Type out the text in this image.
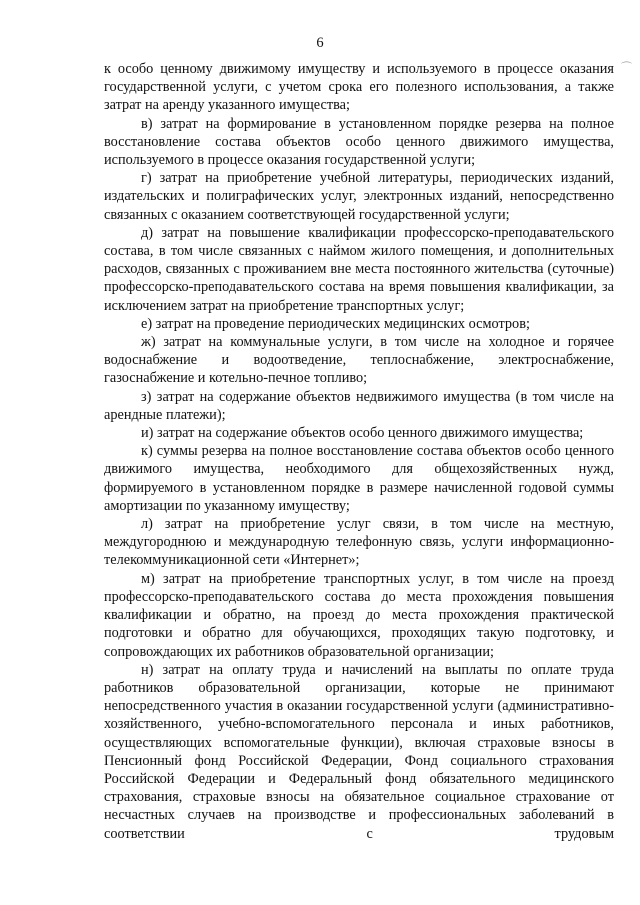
6
⌒

к особо ценному движимому имуществу и используемого в процессе оказания государственной услуги, с учетом срока его полезного использования, а также затрат на аренду указанного имущества;

в) затрат на формирование в установленном порядке резерва на полное восстановление состава объектов особо ценного движимого имущества, используемого в процессе оказания государственной услуги;

г) затрат на приобретение учебной литературы, периодических изданий, издательских и полиграфических услуг, электронных изданий, непосредственно связанных с оказанием соответствующей государственной услуги;

д) затрат на повышение квалификации профессорско-преподавательского состава, в том числе связанных с наймом жилого помещения, и дополнительных расходов, связанных с проживанием вне места постоянного жительства (суточные) профессорско-преподавательского состава на время повышения квалификации, за исключением затрат на приобретение транспортных услуг;

е) затрат на проведение периодических медицинских осмотров;

ж) затрат на коммунальные услуги, в том числе на холодное и горячее водоснабжение и водоотведение, теплоснабжение, электроснабжение, газоснабжение и котельно-печное топливо;

з) затрат на содержание объектов недвижимого имущества (в том числе на арендные платежи);

и) затрат на содержание объектов особо ценного движимого имущества;

к) суммы резерва на полное восстановление состава объектов особо ценного движимого имущества, необходимого для общехозяйственных нужд, формируемого в установленном порядке в размере начисленной годовой суммы амортизации по указанному имуществу;

л) затрат на приобретение услуг связи, в том числе на местную, междугороднюю и международную телефонную связь, услуги информационно-телекоммуникационной сети «Интернет»;

м) затрат на приобретение транспортных услуг, в том числе на проезд профессорско-преподавательского состава до места прохождения повышения квалификации и обратно, на проезд до места прохождения практической подготовки и обратно для обучающихся, проходящих такую подготовку, и сопровождающих их работников образовательной организации;

н) затрат на оплату труда и начислений на выплаты по оплате труда работников образовательной организации, которые не принимают непосредственного участия в оказании государственной услуги (административно-хозяйственного, учебно-вспомогательного персонала и иных работников, осуществляющих вспомогательные функции), включая страховые взносы в Пенсионный фонд Российской Федерации, Фонд социального страхования Российской Федерации и Федеральный фонд обязательного медицинского страхования, страховые взносы на обязательное социальное страхование от несчастных случаев на производстве и профессиональных заболеваний в соответствии с трудовым
